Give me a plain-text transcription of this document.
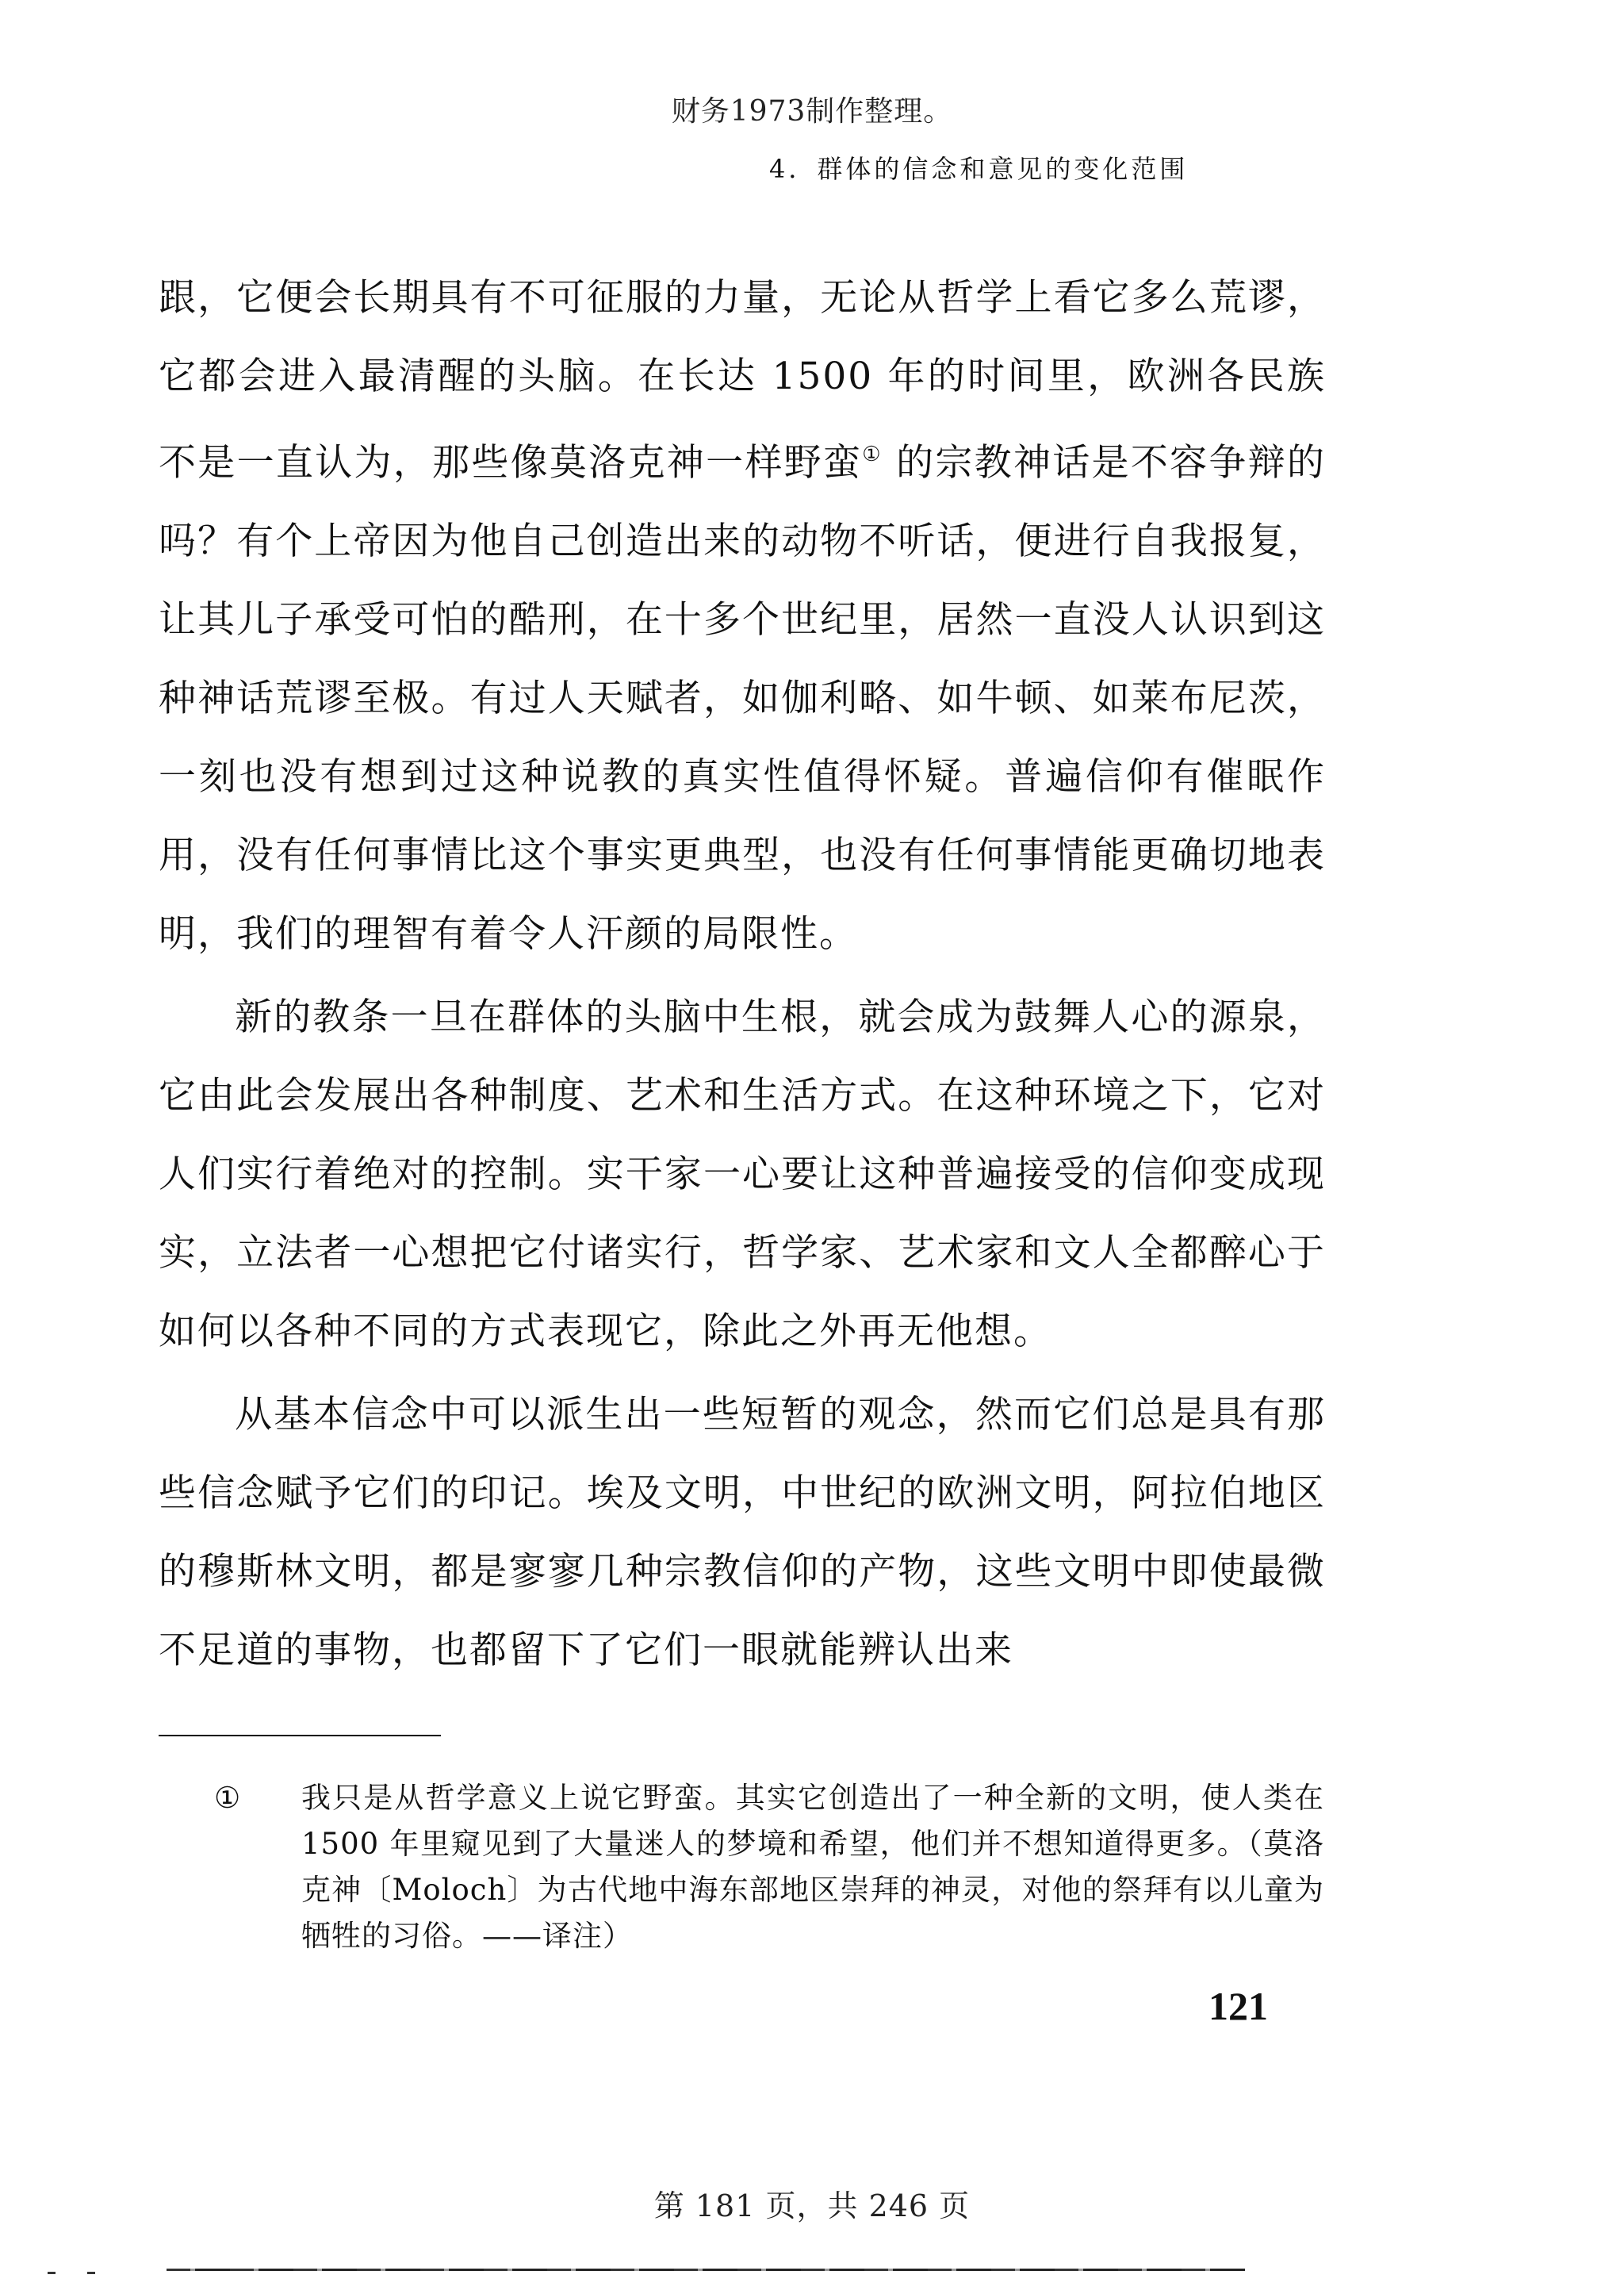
财务1973制作整理。
4．群体的信念和意见的变化范围

跟，它便会长期具有不可征服的力量，无论从哲学上看它多么荒谬，它都会进入最清醒的头脑。在长达 1500 年的时间里，欧洲各民族不是一直认为，那些像莫洛克神一样野蛮① 的宗教神话是不容争辩的吗？有个上帝因为他自己创造出来的动物不听话，便进行自我报复，让其儿子承受可怕的酷刑，在十多个世纪里，居然一直没人认识到这种神话荒谬至极。有过人天赋者，如伽利略、如牛顿、如莱布尼茨，一刻也没有想到过这种说教的真实性值得怀疑。普遍信仰有催眠作用，没有任何事情比这个事实更典型，也没有任何事情能更确切地表明，我们的理智有着令人汗颜的局限性。

新的教条一旦在群体的头脑中生根，就会成为鼓舞人心的源泉，它由此会发展出各种制度、艺术和生活方式。在这种环境之下，它对人们实行着绝对的控制。实干家一心要让这种普遍接受的信仰变成现实，立法者一心想把它付诸实行，哲学家、艺术家和文人全都醉心于如何以各种不同的方式表现它，除此之外再无他想。

从基本信念中可以派生出一些短暂的观念，然而它们总是具有那些信念赋予它们的印记。埃及文明，中世纪的欧洲文明，阿拉伯地区的穆斯林文明，都是寥寥几种宗教信仰的产物，这些文明中即使最微不足道的事物，也都留下了它们一眼就能辨认出来

① 我只是从哲学意义上说它野蛮。其实它创造出了一种全新的文明，使人类在 1500 年里窥见到了大量迷人的梦境和希望，他们并不想知道得更多。（莫洛克神〔Moloch〕为古代地中海东部地区崇拜的神灵，对他的祭拜有以儿童为牺牲的习俗。——译注）
121
第 181 页，共 246 页
